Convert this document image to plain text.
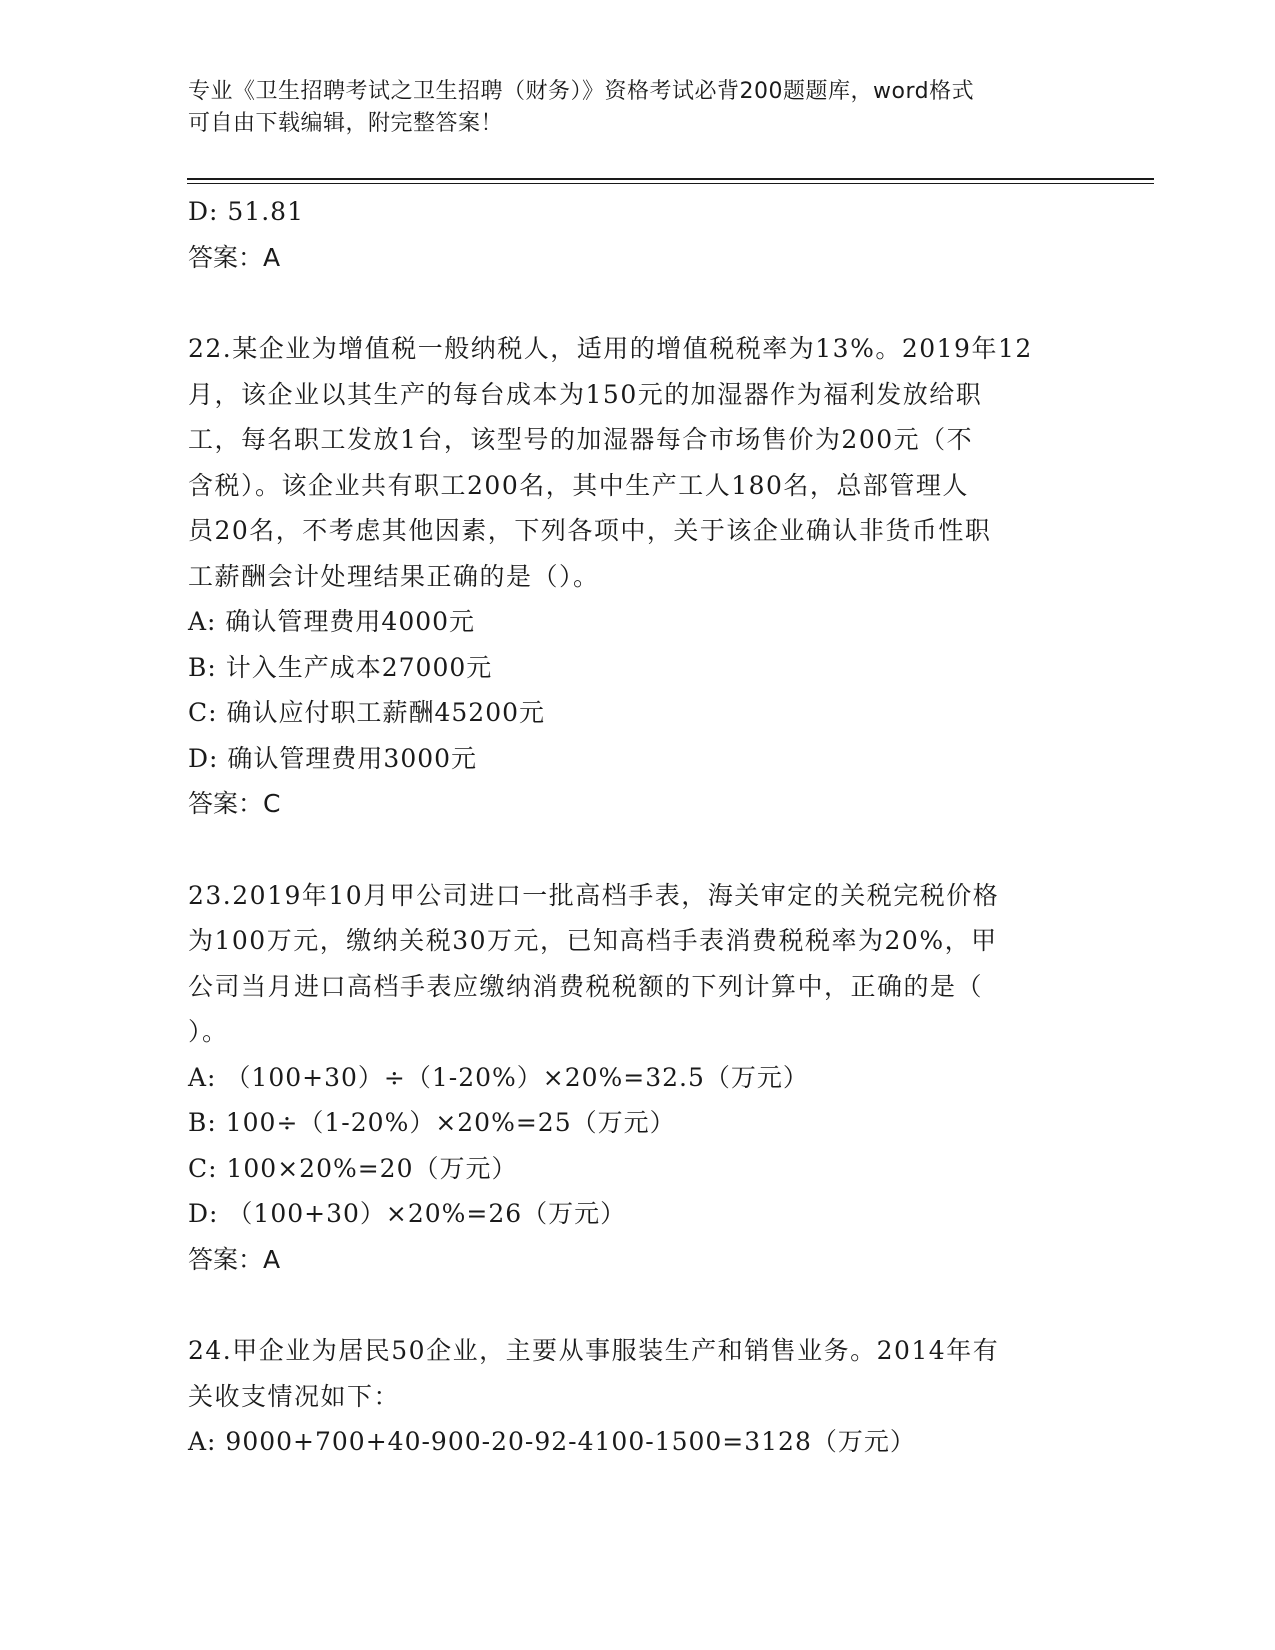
专业《卫生招聘考试之卫生招聘（财务）》资格考试必背200题题库，word格式
可自由下载编辑，附完整答案！
D: 51.81
答案：A
22.某企业为增值税一般纳税人，适用的增值税税率为13%。2019年12
月，该企业以其生产的每台成本为150元的加湿器作为福利发放给职
工，每名职工发放1台，该型号的加湿器每合市场售价为200元（不
含税）。该企业共有职工200名，其中生产工人180名，总部管理人
员20名，不考虑其他因素，下列各项中，关于该企业确认非货币性职
工薪酬会计处理结果正确的是（）。
A: 确认管理费用4000元
B: 计入生产成本27000元
C: 确认应付职工薪酬45200元
D: 确认管理费用3000元
答案：C
23.2019年10月甲公司进口一批高档手表，海关审定的关税完税价格
为100万元，缴纳关税30万元，已知高档手表消费税税率为20%，甲
公司当月进口高档手表应缴纳消费税税额的下列计算中，正确的是（
）。
A: （100+30）÷（1-20%）×20%=32.5（万元）
B: 100÷（1-20%）×20%=25（万元）
C: 100×20%=20（万元）
D: （100+30）×20%=26（万元）
答案：A
24.甲企业为居民50企业，主要从事服装生产和销售业务。2014年有
关收支情况如下：
A: 9000+700+40-900-20-92-4100-1500=3128（万元）
